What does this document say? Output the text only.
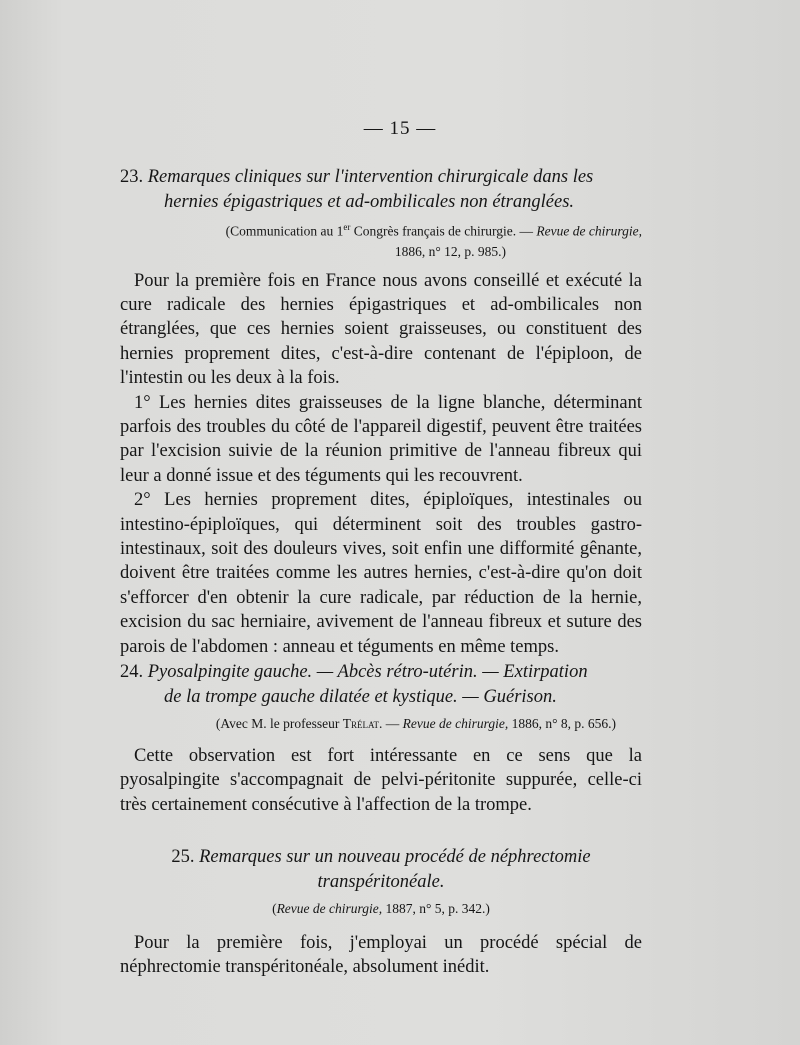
— 15 —

23. Remarques cliniques sur l'intervention chirurgicale dans les
hernies épigastriques et ad-ombilicales non étranglées.

(Communication au 1er Congrès français de chirurgie. — Revue de chirurgie,
1886, n° 12, p. 985.)

Pour la première fois en France nous avons conseillé et exécuté la cure radicale des hernies épigastriques et ad-ombilicales non étranglées, que ces hernies soient graisseuses, ou constituent des hernies proprement dites, c'est-à-dire contenant de l'épiploon, de l'intestin ou les deux à la fois.

1° Les hernies dites graisseuses de la ligne blanche, déterminant parfois des troubles du côté de l'appareil digestif, peuvent être traitées par l'excision suivie de la réunion primitive de l'anneau fibreux qui leur a donné issue et des téguments qui les recouvrent.

2° Les hernies proprement dites, épiploïques, intestinales ou intestino-épiploïques, qui déterminent soit des troubles gastro-intestinaux, soit des douleurs vives, soit enfin une difformité gênante, doivent être traitées comme les autres hernies, c'est-à-dire qu'on doit s'efforcer d'en obtenir la cure radicale, par réduction de la hernie, excision du sac herniaire, avivement de l'anneau fibreux et suture des parois de l'abdomen : anneau et téguments en même temps.

24. Pyosalpingite gauche. — Abcès rétro-utérin. — Extirpation
de la trompe gauche dilatée et kystique. — Guérison.

(Avec M. le professeur Trélat. — Revue de chirurgie, 1886, n° 8, p. 656.)

Cette observation est fort intéressante en ce sens que la pyosalpingite s'accompagnait de pelvi-péritonite suppurée, celle-ci très certainement consécutive à l'affection de la trompe.

25. Remarques sur un nouveau procédé de néphrectomie
transpéritonéale.

(Revue de chirurgie, 1887, n° 5, p. 342.)

Pour la première fois, j'employai un procédé spécial de néphrectomie transpéritonéale, absolument inédit.
